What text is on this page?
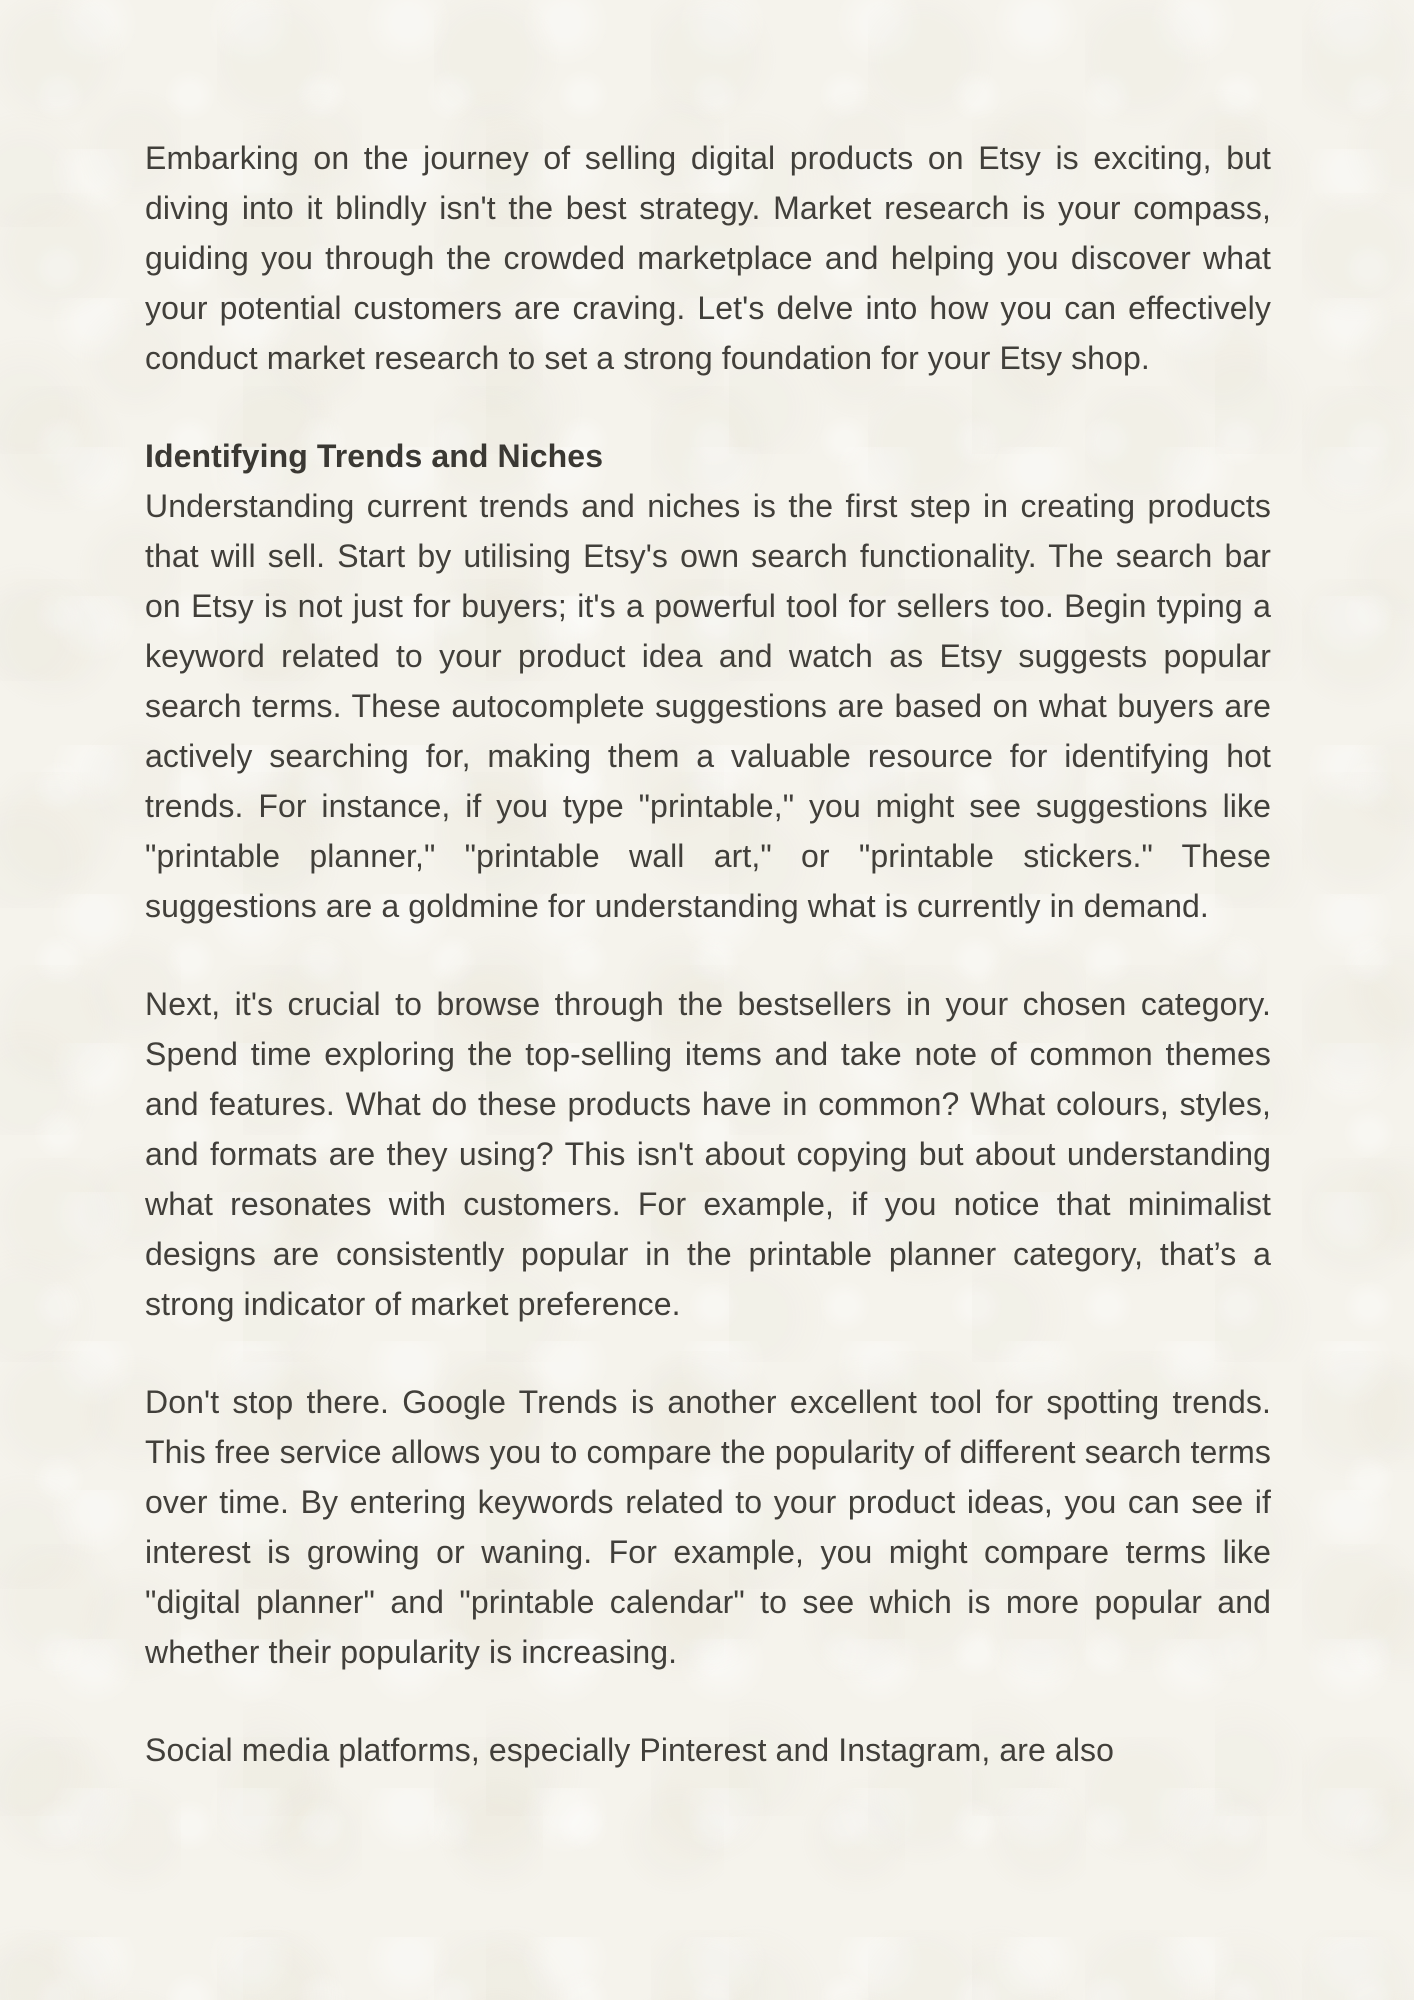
Embarking on the journey of selling digital products on Etsy is exciting, but diving into it blindly isn't the best strategy. Market research is your compass, guiding you through the crowded marketplace and helping you discover what your potential customers are craving. Let's delve into how you can effectively conduct market research to set a strong foundation for your Etsy shop.

Identifying Trends and Niches

Understanding current trends and niches is the first step in creating products that will sell. Start by utilising Etsy's own search functionality. The search bar on Etsy is not just for buyers; it's a powerful tool for sellers too. Begin typing a keyword related to your product idea and watch as Etsy suggests popular search terms. These autocomplete suggestions are based on what buyers are actively searching for, making them a valuable resource for identifying hot trends. For instance, if you type "printable," you might see suggestions like "printable planner," "printable wall art," or "printable stickers." These suggestions are a goldmine for understanding what is currently in demand.

Next, it's crucial to browse through the bestsellers in your chosen category. Spend time exploring the top-selling items and take note of common themes and features. What do these products have in common? What colours, styles, and formats are they using? This isn't about copying but about understanding what resonates with customers. For example, if you notice that minimalist designs are consistently popular in the printable planner category, that’s a strong indicator of market preference.

Don't stop there. Google Trends is another excellent tool for spotting trends. This free service allows you to compare the popularity of different search terms over time. By entering keywords related to your product ideas, you can see if interest is growing or waning. For example, you might compare terms like "digital planner" and "printable calendar" to see which is more popular and whether their popularity is increasing.

Social media platforms, especially Pinterest and Instagram, are also
